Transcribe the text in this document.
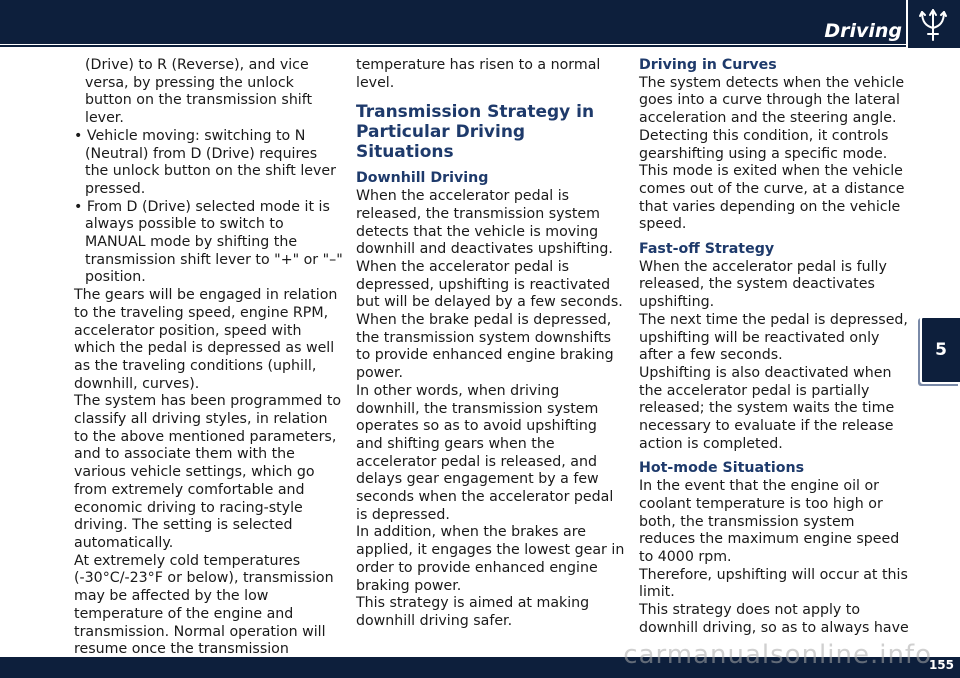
Driving

(Drive) to R (Reverse), and vice versa, by pressing the unlock button on the transmission shift lever.

• Vehicle moving: switching to N (Neutral) from D (Drive) requires the unlock button on the shift lever pressed.

• From D (Drive) selected mode it is always possible to switch to MANUAL mode by shifting the transmission shift lever to "+" or "–" position.

The gears will be engaged in relation to the traveling speed, engine RPM, accelerator position, speed with which the pedal is depressed as well as the traveling conditions (uphill, downhill, curves).

The system has been programmed to classify all driving styles, in relation to the above mentioned parameters, and to associate them with the various vehicle settings, which go from extremely comfortable and economic driving to racing-style driving. The setting is selected automatically.

At extremely cold temperatures (-30°C/-23°F or below), transmission may be affected by the low temperature of the engine and transmission. Normal operation will resume once the transmission

temperature has risen to a normal level.

Transmission Strategy in Particular Driving Situations

Downhill Driving

When the accelerator pedal is released, the transmission system detects that the vehicle is moving downhill and deactivates upshifting.

When the accelerator pedal is depressed, upshifting is reactivated but will be delayed by a few seconds.

When the brake pedal is depressed, the transmission system downshifts to provide enhanced engine braking power.

In other words, when driving downhill, the transmission system operates so as to avoid upshifting and shifting gears when the accelerator pedal is released, and delays gear engagement by a few seconds when the accelerator pedal is depressed.

In addition, when the brakes are applied, it engages the lowest gear in order to provide enhanced engine braking power.

This strategy is aimed at making downhill driving safer.

Driving in Curves

The system detects when the vehicle goes into a curve through the lateral acceleration and the steering angle. Detecting this condition, it controls gearshifting using a specific mode. This mode is exited when the vehicle comes out of the curve, at a distance that varies depending on the vehicle speed.

Fast-off Strategy

When the accelerator pedal is fully released, the system deactivates upshifting.

The next time the pedal is depressed, upshifting will be reactivated only after a few seconds.

Upshifting is also deactivated when the accelerator pedal is partially released; the system waits the time necessary to evaluate if the release action is completed.

Hot-mode Situations

In the event that the engine oil or coolant temperature is too high or both, the transmission system reduces the maximum engine speed to 4000 rpm.

Therefore, upshifting will occur at this limit.

This strategy does not apply to downhill driving, so as to always have

5
155
carmanualsonline.info
